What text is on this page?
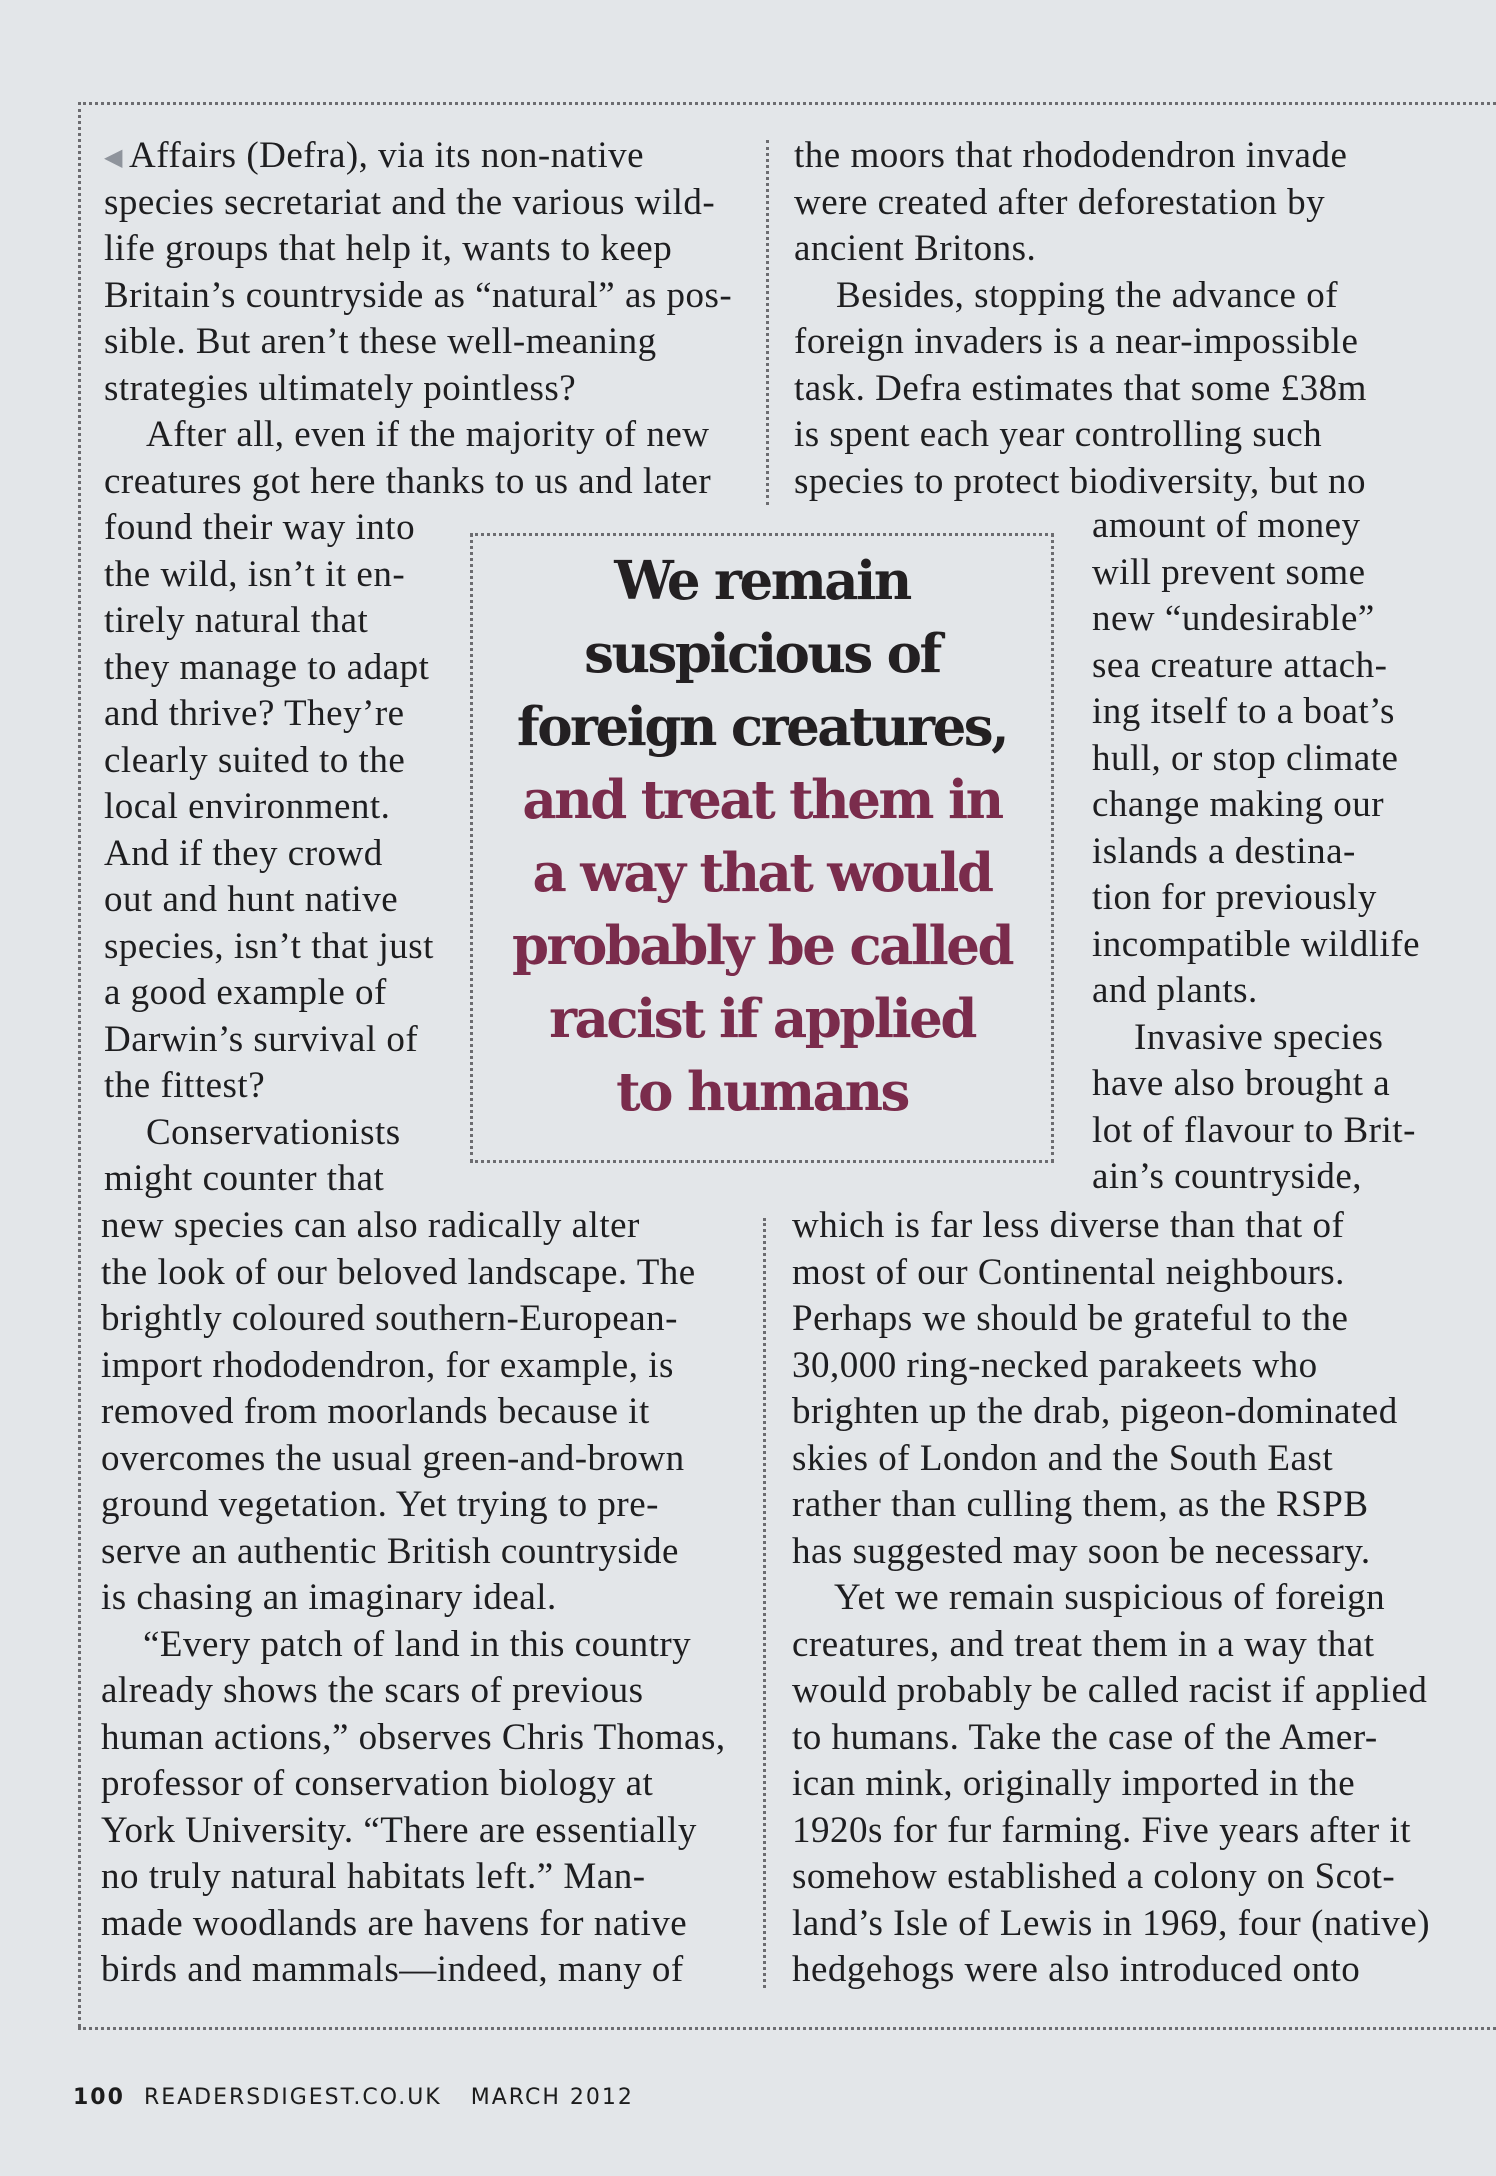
◀ Affairs (Defra), via its non-native
species secretariat and the various wild-
life groups that help it, wants to keep
Britain’s countryside as “natural” as pos-
sible. But aren’t these well-meaning
strategies ultimately pointless?
After all, even if the majority of new
creatures got here thanks to us and later
found their way into
the wild, isn’t it en-
tirely natural that
they manage to adapt
and thrive? They’re
clearly suited to the
local environment.
And if they crowd
out and hunt native
species, isn’t that just
a good example of
Darwin’s survival of
the fittest?
Conservationists
might counter that
new species can also radically alter
the look of our beloved landscape. The
brightly coloured southern-European-
import rhododendron, for example, is
removed from moorlands because it
overcomes the usual green-and-brown
ground vegetation. Yet trying to pre-
serve an authentic British countryside
is chasing an imaginary ideal.
“Every patch of land in this country
already shows the scars of previous
human actions,” observes Chris Thomas,
professor of conservation biology at
York University. “There are essentially
no truly natural habitats left.” Man-
made woodlands are havens for native
birds and mammals—indeed, many of
the moors that rhododendron invade
were created after deforestation by
ancient Britons.
Besides, stopping the advance of
foreign invaders is a near-impossible
task. Defra estimates that some £38m
is spent each year controlling such
species to protect biodiversity, but no
amount of money
will prevent some
new “undesirable”
sea creature attach-
ing itself to a boat’s
hull, or stop climate
change making our
islands a destina-
tion for previously
incompatible wildlife
and plants.
Invasive species
have also brought a
lot of flavour to Brit-
ain’s countryside,
which is far less diverse than that of
most of our Continental neighbours.
Perhaps we should be grateful to the
30,000 ring-necked parakeets who
brighten up the drab, pigeon-dominated
skies of London and the South East
rather than culling them, as the RSPB
has suggested may soon be necessary.
Yet we remain suspicious of foreign
creatures, and treat them in a way that
would probably be called racist if applied
to humans. Take the case of the Amer-
ican mink, originally imported in the
1920s for fur farming. Five years after it
somehow established a colony on Scot-
land’s Isle of Lewis in 1969, four (native)
hedgehogs were also introduced onto
We remain
suspicious of
foreign creatures,
and treat them in
a way that would
probably be called
racist if applied
to humans
100 READERSDIGEST.CO.UK MARCH 2012
